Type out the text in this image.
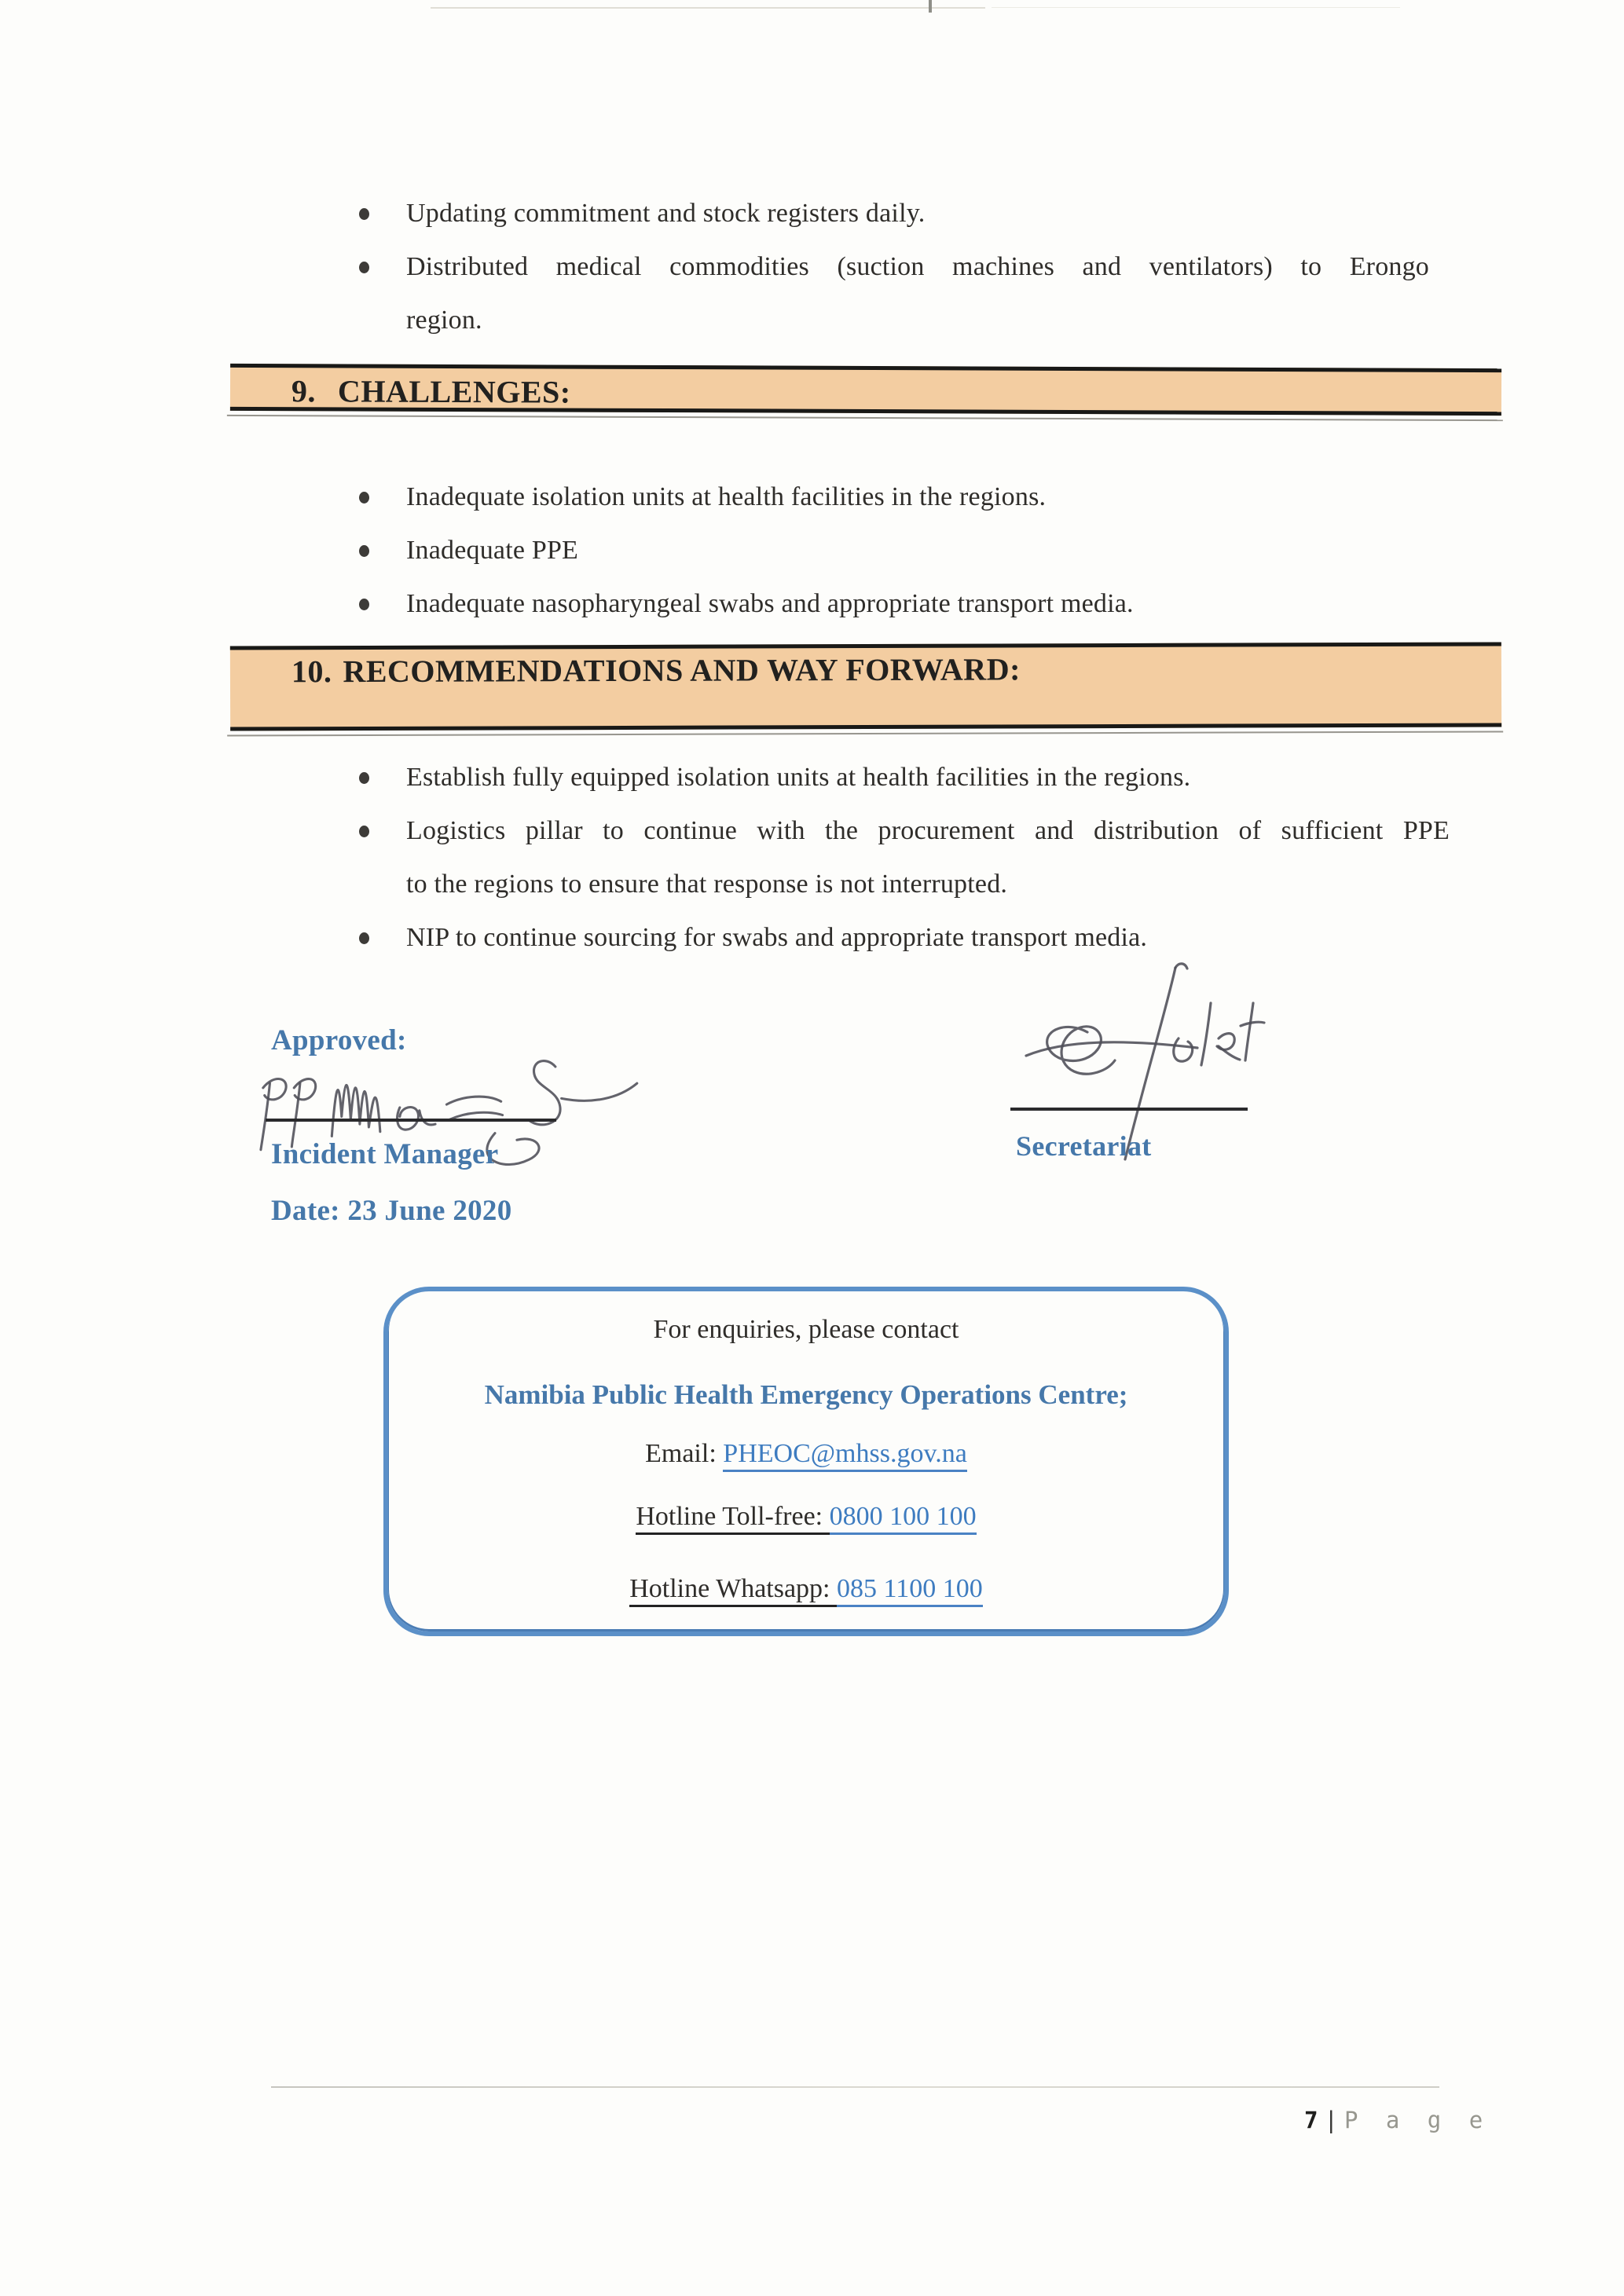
Updating commitment and stock registers daily.
Distributed medical commodities (suction machines and ventilators) to Erongo
region.
9. CHALLENGES:
Inadequate isolation units at health facilities in the regions.
Inadequate PPE
Inadequate nasopharyngeal swabs and appropriate transport media.
10. RECOMMENDATIONS AND WAY FORWARD:
Establish fully equipped isolation units at health facilities in the regions.
Logistics pillar to continue with the procurement and distribution of sufficient PPE
to the regions to ensure that response is not interrupted.
NIP to continue sourcing for swabs and appropriate transport media.
Approved:
Incident Manager
Date: 23 June 2020
Secretariat
For enquiries, please contact
Namibia Public Health Emergency Operations Centre;
Email: PHEOC@mhss.gov.na
Hotline Toll-free: 0800 100 100
Hotline Whatsapp: 085 1100 100
7 | P a g e
